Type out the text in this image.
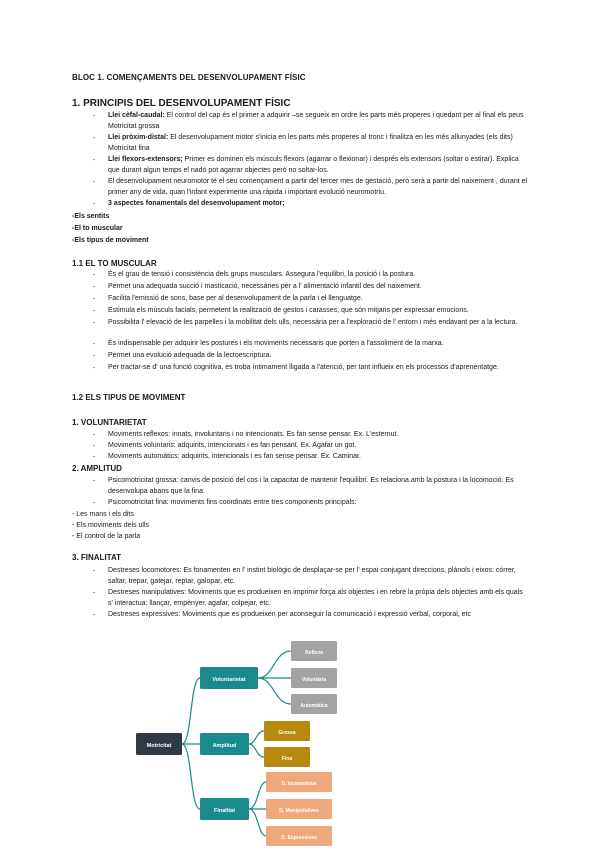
BLOC 1. COMENÇAMENTS DEL DESENVOLUPAMENT FÍSIC
1. PRINCIPIS DEL DESENVOLUPAMENT FÍSIC
- Llei cèfal-caudal: El control del cap és el primer a adquirir –se segueix en ordre les parts més properes i quedant per al final els peus Motricitat grossa
- Llei pròxim-distal: El desenvolupament motor s'inicia en les parts més properes al tronc i finalitza en les més allunyades (els dits) Motricitat fina
- Llei flexors-extensors; Primer es dominen els músculs flexors (agarrar o flexionar) i després els extensors (soltar o estirar). Explica que durant algun temps el nadó pot agarrar objectes però no soltar-los.
- El desenvolupament neuromotor té el seu començament a partir del tercer mes de gestació, però serà a partir del naixement , durant el primer any de vida, quan l'infant experimente una ràpida i important evolució neuromotriu.
- 3 aspectes fonamentals del desenvolupament motor;
-Els sentits
-El to muscular
-Els tipus de moviment
1.1 EL TO MUSCULAR
- És el grau de tensió i consistència dels grups musculars. Assegura l'equilibri, la posició i la postura.
- Permet una adequada succió i masticació, necessàries per a l' alimentació infantil des del naixement.
- Facilita l'emissió de sons, base per al desenvolupament de la parla i el llenguatge.
- Estimula els músculs facials, permetent la realització de gestos i carasses, que són mitjans per expressar emocions.
- Possibilita l' elevació de les parpelles i la mobilitat dels ulls, necessària per a l'exploració de l' entorn i més endavant per a la lectura.
- És indispensable per adquirir les postures i els moviments necessaris que porten a l'assoliment de la marxa.
- Permet una evolució adequada de la lectoescriptura.
- Per tractar-se d' una funció cognitiva, es troba íntimament lligada a l'atenció, per tant influeix en els processos d'aprenentatge.
1.2 ELS TIPUS DE MOVIMENT
1. VOLUNTARIETAT
- Moviments reflexos: innats, involuntaris i no intencionats. Es fan sense pensar. Ex. L'esternut.
- Moviments voluntaris: adquirits, intencionats i es fan pensant. Ex. Agafar un got.
- Moviments automàtics: adquirits, intencionals i es fan sense pensar. Ex. Caminar.
2. AMPLITUD
- Psicomotricitat grossa: canvis de posició del cos i la capacitat de mantenir l'equilibri. Es relaciona amb la postura i la locomoció. Es desenvolupa abans que la fina.
- Psicomotricitat fina: moviments fins coordinats entre tres components principals:
- Les mans i els dits
- Els moviments dels ulls
- El control de la parla
3. FINALITAT
- Destreses locomotores: Es fonamenten en l' instint biològic de desplaçar-se per l' espai conjugant direccions, plànols i eixos: córrer, saltar, trepar, gatejar, reptar, galopar, etc.
- Destreses manipulatives: Moviments que es produeixen en imprimir força als objectes i en rebre la pròpia dels objectes amb els quals s' interactua: llançar, empènyer, agafar, colpejar, etc.
- Destreses expressives: Moviments que es produeixen per aconseguir la comunicació i expressió verbal, corporal, etc
Motricitat
Voluntarietat
Amplitud
Finalitat
Reflexa
Voluntària
Automàtica
Grossa
Fina
D. locomotrius
D. Manipulatives
D. Expressives
